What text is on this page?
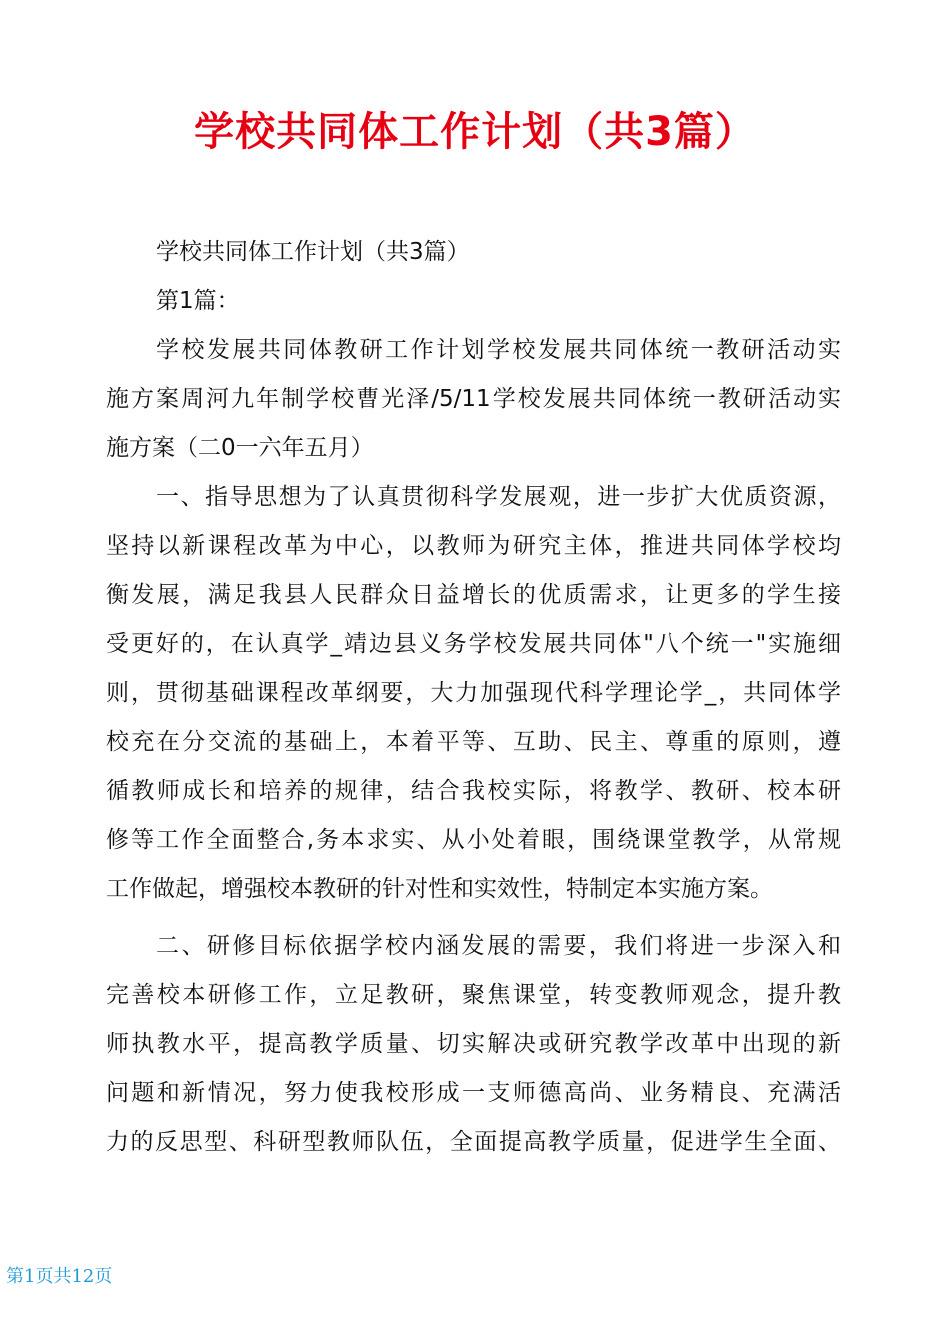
学校共同体工作计划（共3篇）
学校共同体工作计划（共3篇）
第1篇：
学校发展共同体教研工作计划学校发展共同体统一教研活动实
施方案周河九年制学校曹光泽/5/11学校发展共同体统一教研活动实
施方案（二0一六年五月）
一、指导思想为了认真贯彻科学发展观，进一步扩大优质资源，
坚持以新课程改革为中心，以教师为研究主体，推进共同体学校均
衡发展，满足我县人民群众日益增长的优质需求，让更多的学生接
受更好的，在认真学_靖边县义务学校发展共同体"八个统一"实施细
则，贯彻基础课程改革纲要，大力加强现代科学理论学_，共同体学
校充在分交流的基础上，本着平等、互助、民主、尊重的原则，遵
循教师成长和培养的规律，结合我校实际，将教学、教研、校本研
修等工作全面整合,务本求实、从小处着眼，围绕课堂教学，从常规
工作做起，增强校本教研的针对性和实效性，特制定本实施方案。
二、研修目标依据学校内涵发展的需要，我们将进一步深入和
完善校本研修工作，立足教研，聚焦课堂，转变教师观念，提升教
师执教水平，提高教学质量、切实解决或研究教学改革中出现的新
问题和新情况，努力使我校形成一支师德高尚、业务精良、充满活
力的反思型、科研型教师队伍，全面提高教学质量，促进学生全面、
第1页共12页
